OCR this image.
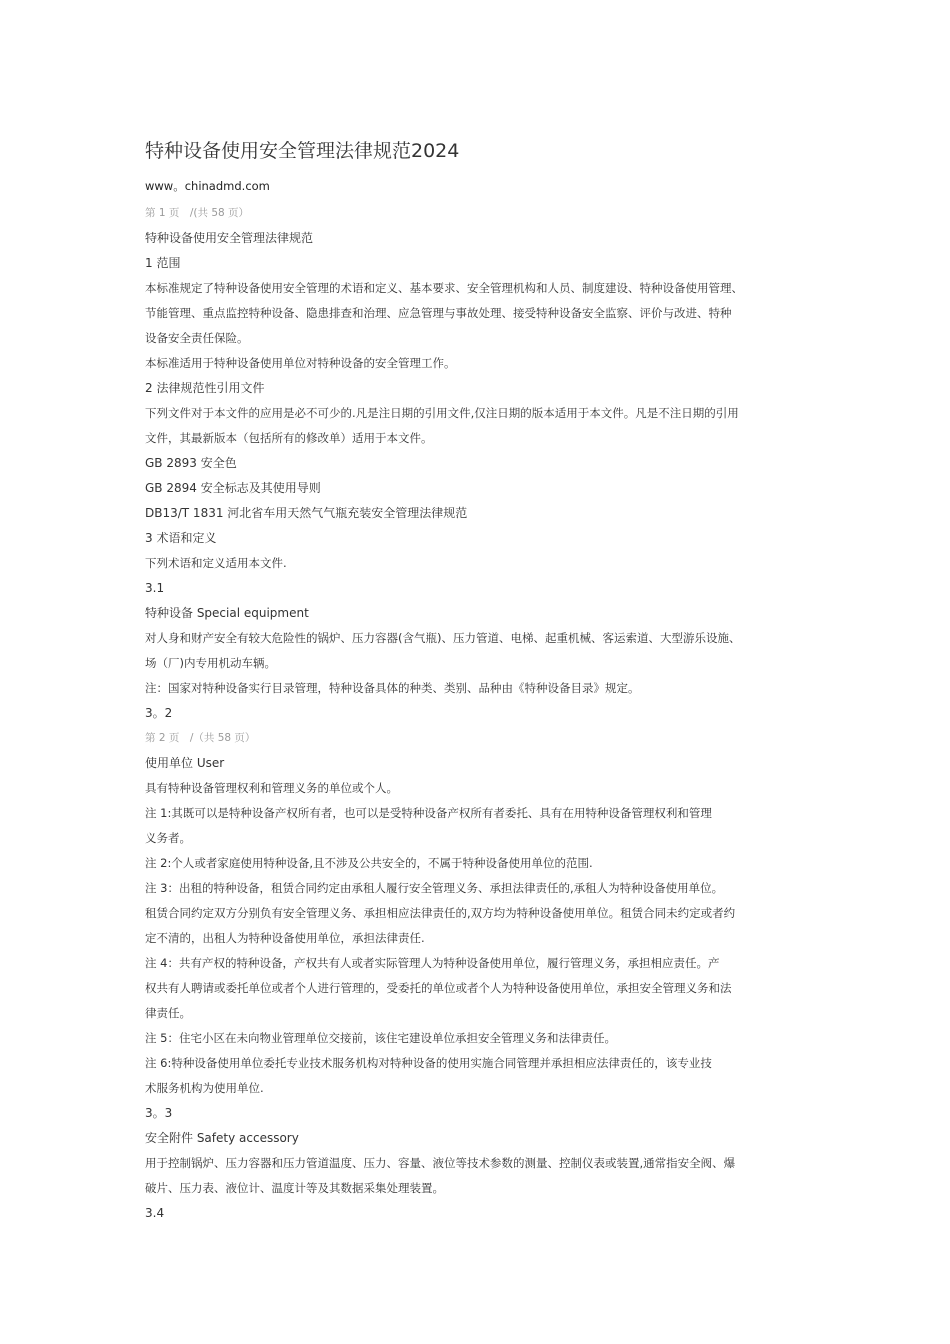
特种设备使用安全管理法律规范2024
www。chinadmd.com
第 1 页　/(共 58 页）
特种设备使用安全管理法律规范
1 范围
本标准规定了特种设备使用安全管理的术语和定义、基本要求、安全管理机构和人员、制度建设、特种设备使用管理、
节能管理、重点监控特种设备、隐患排查和治理、应急管理与事故处理、接受特种设备安全监察、评价与改进、特种
设备安全责任保险。
本标准适用于特种设备使用单位对特种设备的安全管理工作。
2 法律规范性引用文件
下列文件对于本文件的应用是必不可少的.凡是注日期的引用文件,仅注日期的版本适用于本文件。凡是不注日期的引用
文件，其最新版本（包括所有的修改单）适用于本文件。
GB 2893 安全色
GB 2894 安全标志及其使用导则
DB13/T 1831 河北省车用天然气气瓶充装安全管理法律规范
3 术语和定义
下列术语和定义适用本文件.
3.1
特种设备 Special equipment
对人身和财产安全有较大危险性的锅炉、压力容器(含气瓶)、压力管道、电梯、起重机械、客运索道、大型游乐设施、
场（厂)内专用机动车辆。
注：国家对特种设备实行目录管理，特种设备具体的种类、类别、品种由《特种设备目录》规定。
3。2
第 2 页　/（共 58 页）
使用单位 User
具有特种设备管理权利和管理义务的单位或个人。
注 1:其既可以是特种设备产权所有者，也可以是受特种设备产权所有者委托、具有在用特种设备管理权利和管理
义务者。
注 2:个人或者家庭使用特种设备,且不涉及公共安全的，不属于特种设备使用单位的范围.
注 3：出租的特种设备，租赁合同约定由承租人履行安全管理义务、承担法律责任的,承租人为特种设备使用单位。
租赁合同约定双方分别负有安全管理义务、承担相应法律责任的,双方均为特种设备使用单位。租赁合同未约定或者约
定不清的，出租人为特种设备使用单位，承担法律责任.
注 4：共有产权的特种设备，产权共有人或者实际管理人为特种设备使用单位，履行管理义务，承担相应责任。产
权共有人聘请或委托单位或者个人进行管理的，受委托的单位或者个人为特种设备使用单位，承担安全管理义务和法
律责任。
注 5：住宅小区在未向物业管理单位交接前，该住宅建设单位承担安全管理义务和法律责任。
注 6:特种设备使用单位委托专业技术服务机构对特种设备的使用实施合同管理并承担相应法律责任的，该专业技
术服务机构为使用单位.
3。3
安全附件 Safety accessory
用于控制锅炉、压力容器和压力管道温度、压力、容量、液位等技术参数的测量、控制仪表或装置,通常指安全阀、爆
破片、压力表、液位计、温度计等及其数据采集处理装置。
3.4
